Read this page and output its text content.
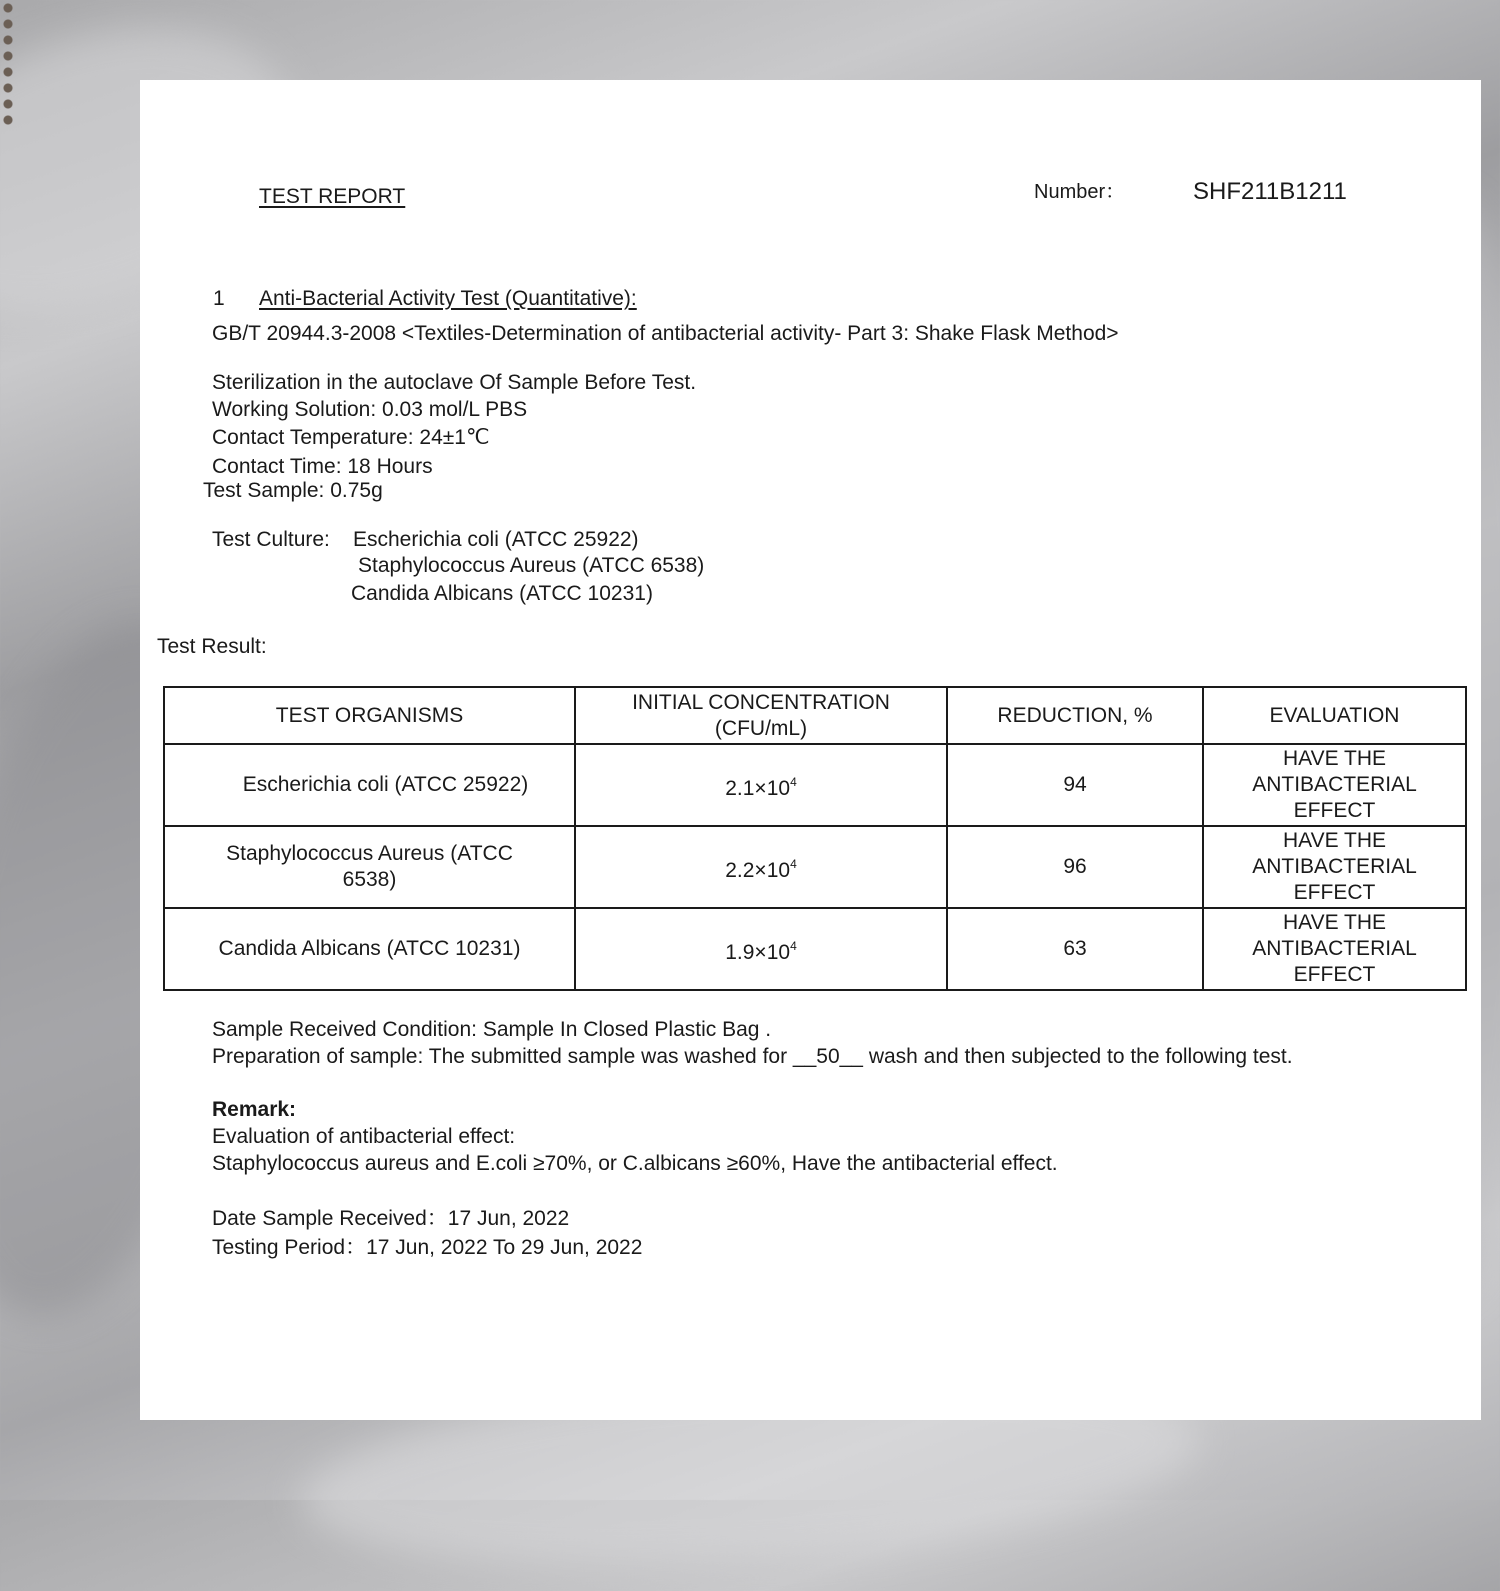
TEST REPORT	Number：	SHF211B1211
1 Anti-Bacterial Activity Test (Quantitative):
GB/T 20944.3-2008 <Textiles-Determination of antibacterial activity- Part 3: Shake Flask Method>
Sterilization in the autoclave Of Sample Before Test.
Working Solution: 0.03 mol/L PBS
Contact Temperature: 24±1℃
Contact Time: 18 Hours
Test Sample: 0.75g
Test Culture: Escherichia coli (ATCC 25922)
Staphylococcus Aureus (ATCC 6538)
Candida Albicans (ATCC 10231)
Test Result:
TEST ORGANISMS	INITIAL CONCENTRATION (CFU/mL)	REDUCTION, %	EVALUATION
Escherichia coli (ATCC 25922)	$2.1\times 10^4$	94	HAVE THE ANTIBACTERIAL EFFECT
Staphylococcus Aureus (ATCC 6538)	$2.2\times 10^4$	96	HAVE THE ANTIBACTERIAL EFFECT
Candida Albicans (ATCC 10231)	$1.9\times 10^4$	63	HAVE THE ANTIBACTERIAL EFFECT
Sample Received Condition: Sample In Closed Plastic Bag .
Preparation of sample: The submitted sample was washed for __50__ wash and then subjected to the following test.
Remark:
Evaluation of antibacterial effect:
Staphylococcus aureus and E.coli ≥70%, or C.albicans ≥60%, Have the antibacterial effect.
Date Sample Received：17 Jun, 2022
Testing Period：17 Jun, 2022 To 29 Jun, 2022
